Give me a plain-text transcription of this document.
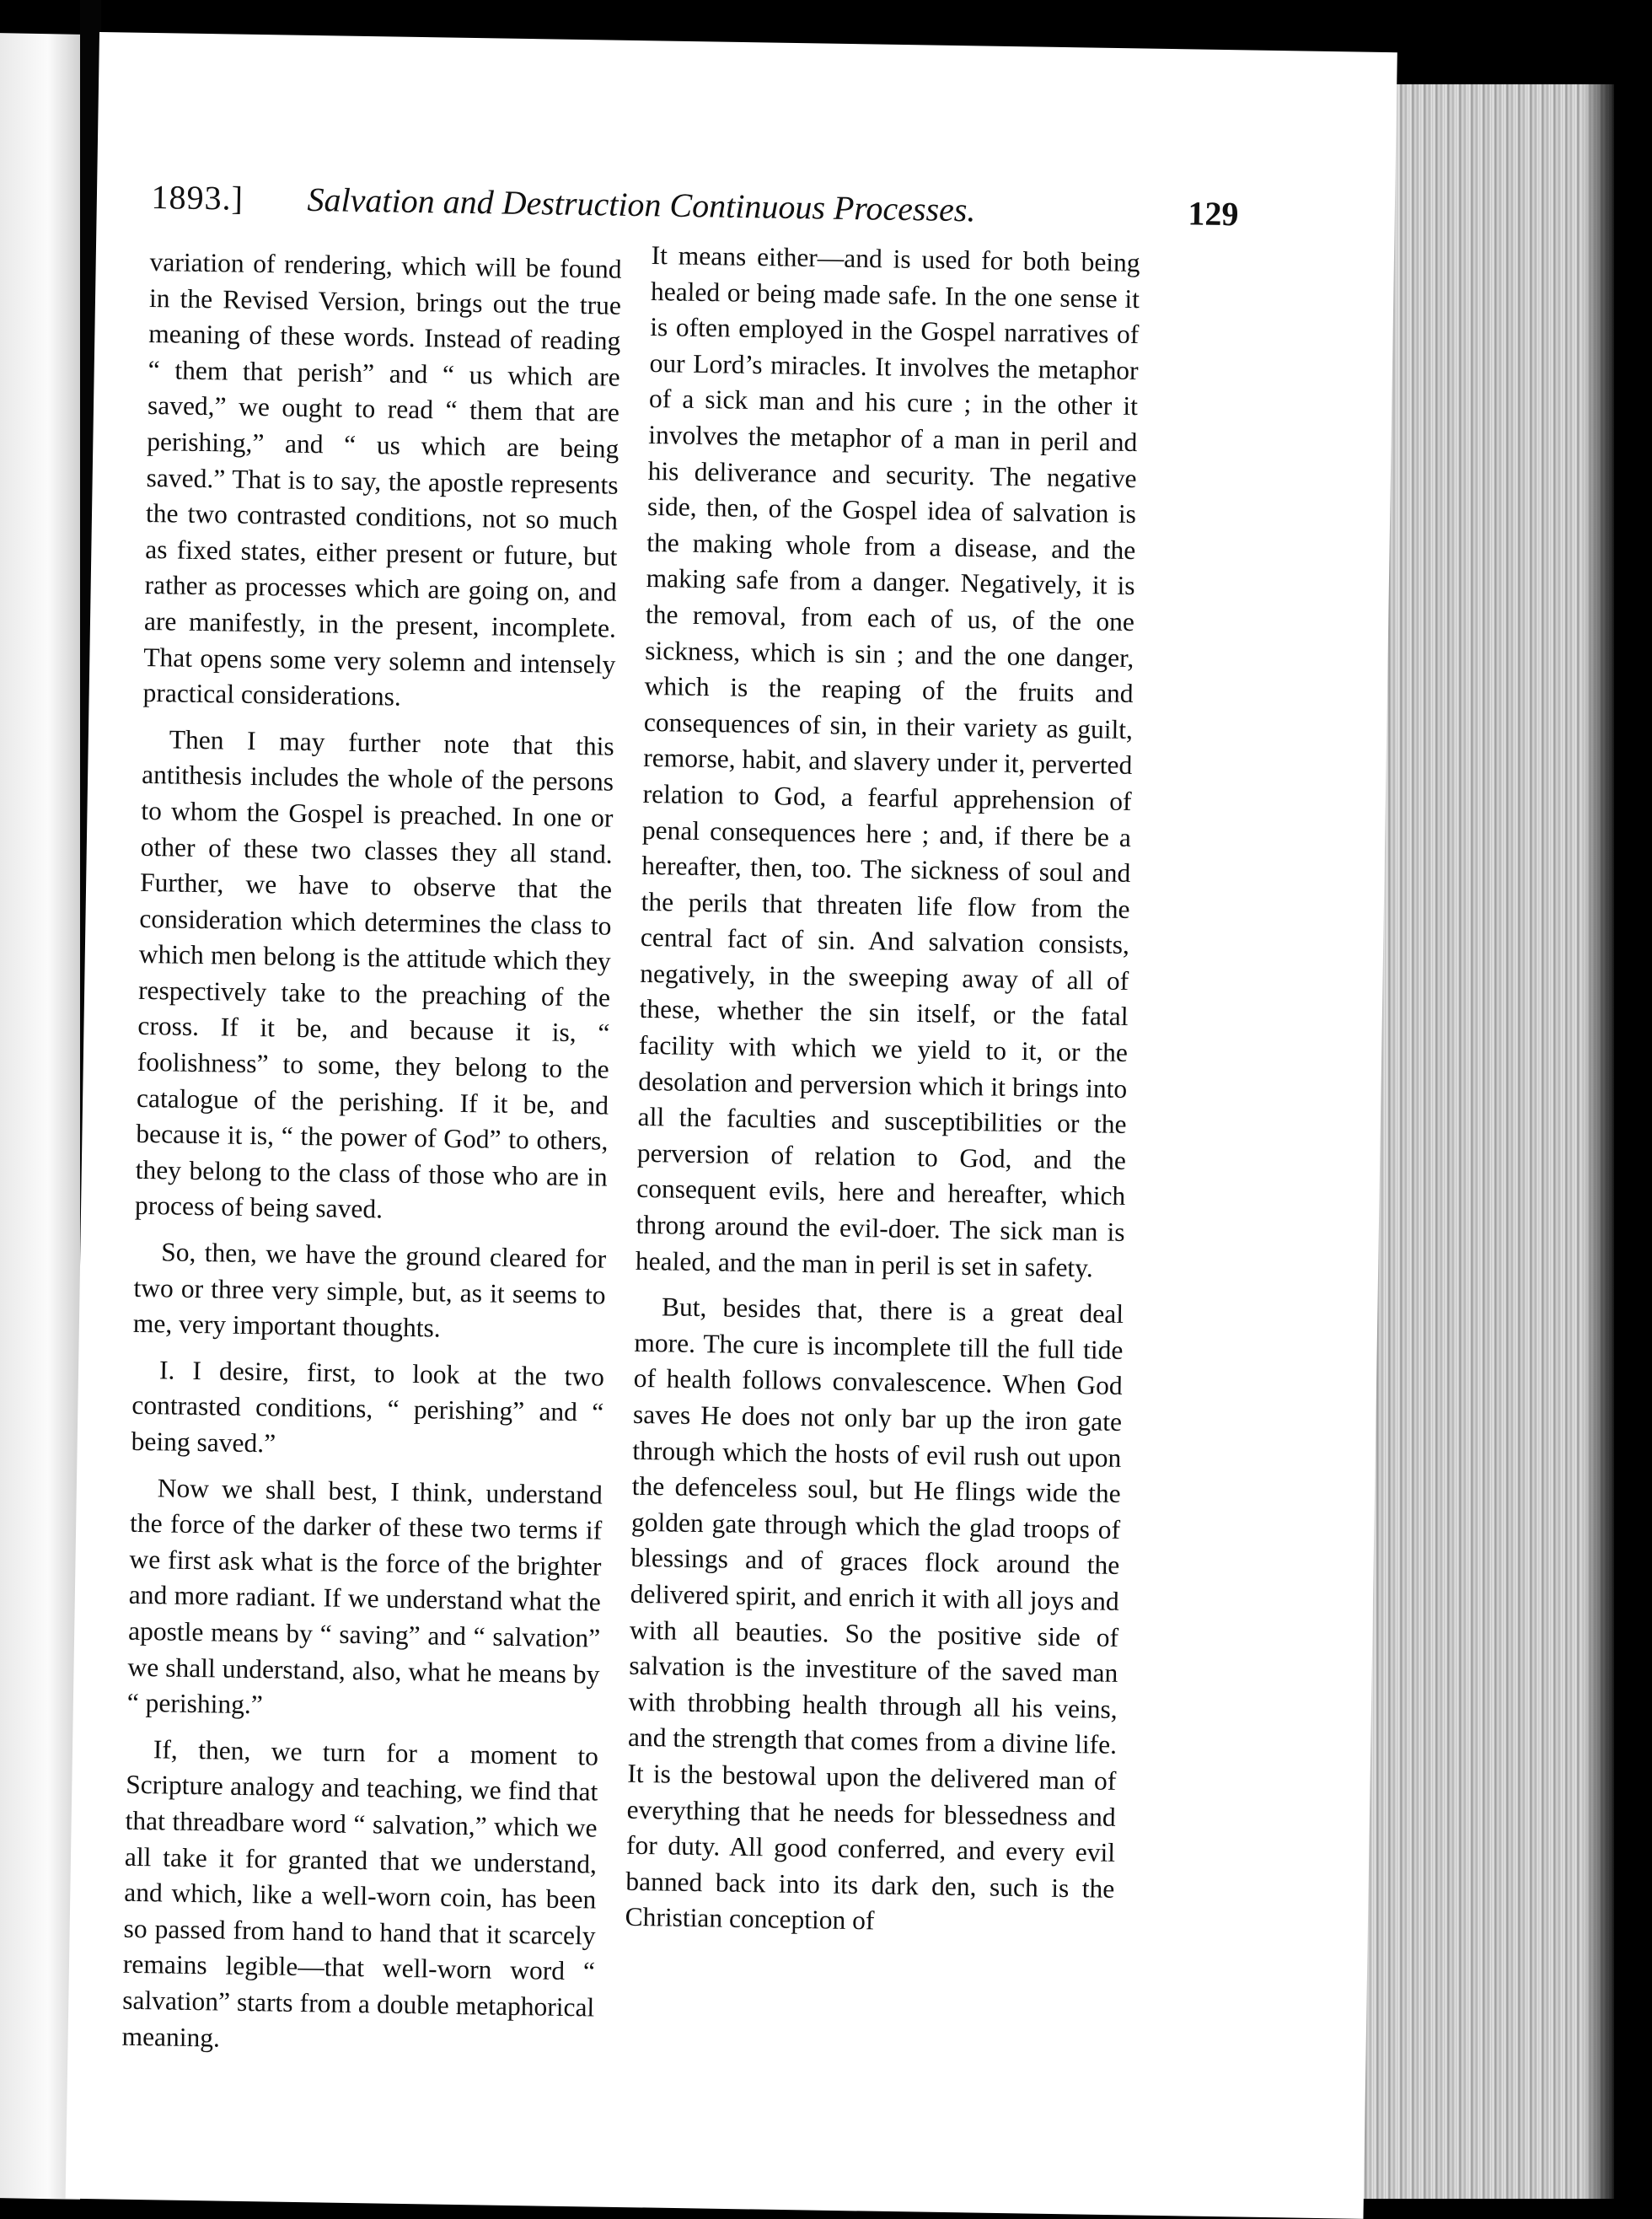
1893.] Salvation and Destruction Continuous Processes.	129

variation of rendering, which will be found in the Revised Version, brings out the true meaning of these words. Instead of reading “ them that perish” and “ us which are saved,” we ought to read “ them that are perishing,” and “ us which are being saved.” That is to say, the apostle represents the two contrasted conditions, not so much as fixed states, either present or future, but rather as processes which are going on, and are manifestly, in the present, incomplete. That opens some very solemn and intensely practical considerations.

Then I may further note that this antithesis includes the whole of the persons to whom the Gospel is preached. In one or other of these two classes they all stand. Further, we have to observe that the consideration which determines the class to which men belong is the attitude which they respectively take to the preaching of the cross. If it be, and because it is, “ foolishness” to some, they belong to the catalogue of the perishing. If it be, and because it is, “ the power of God” to others, they belong to the class of those who are in process of being saved.

So, then, we have the ground cleared for two or three very simple, but, as it seems to me, very important thoughts.

I. I desire, first, to look at the two contrasted conditions, “ perishing” and “ being saved.”

Now we shall best, I think, understand the force of the darker of these two terms if we first ask what is the force of the brighter and more radiant. If we understand what the apostle means by “ saving” and “ salvation” we shall understand, also, what he means by “ perishing.”

If, then, we turn for a moment to Scripture analogy and teaching, we find that that threadbare word “ salvation,” which we all take it for granted that we understand, and which, like a well-worn coin, has been so passed from hand to hand that it scarcely remains legible—that well-worn word “ salvation” starts from a double metaphorical meaning.

It means either—and is used for both being healed or being made safe. In the one sense it is often employed in the Gospel narratives of our Lord’s miracles. It involves the metaphor of a sick man and his cure ; in the other it involves the metaphor of a man in peril and his deliverance and security. The negative side, then, of the Gospel idea of salvation is the making whole from a disease, and the making safe from a danger. Negatively, it is the removal, from each of us, of the one sickness, which is sin ; and the one danger, which is the reaping of the fruits and consequences of sin, in their variety as guilt, remorse, habit, and slavery under it, perverted relation to God, a fearful apprehension of penal consequences here ; and, if there be a hereafter, then, too. The sickness of soul and the perils that threaten life flow from the central fact of sin. And salvation consists, negatively, in the sweeping away of all of these, whether the sin itself, or the fatal facility with which we yield to it, or the desolation and perversion which it brings into all the faculties and susceptibilities or the perversion of relation to God, and the consequent evils, here and hereafter, which throng around the evil-doer. The sick man is healed, and the man in peril is set in safety.

But, besides that, there is a great deal more. The cure is incomplete till the full tide of health follows convalescence. When God saves He does not only bar up the iron gate through which the hosts of evil rush out upon the defenceless soul, but He flings wide the golden gate through which the glad troops of blessings and of graces flock around the delivered spirit, and enrich it with all joys and with all beauties. So the positive side of salvation is the investiture of the saved man with throbbing health through all his veins, and the strength that comes from a divine life. It is the bestowal upon the delivered man of everything that he needs for blessedness and for duty. All good conferred, and every evil banned back into its dark den, such is the Christian conception of
